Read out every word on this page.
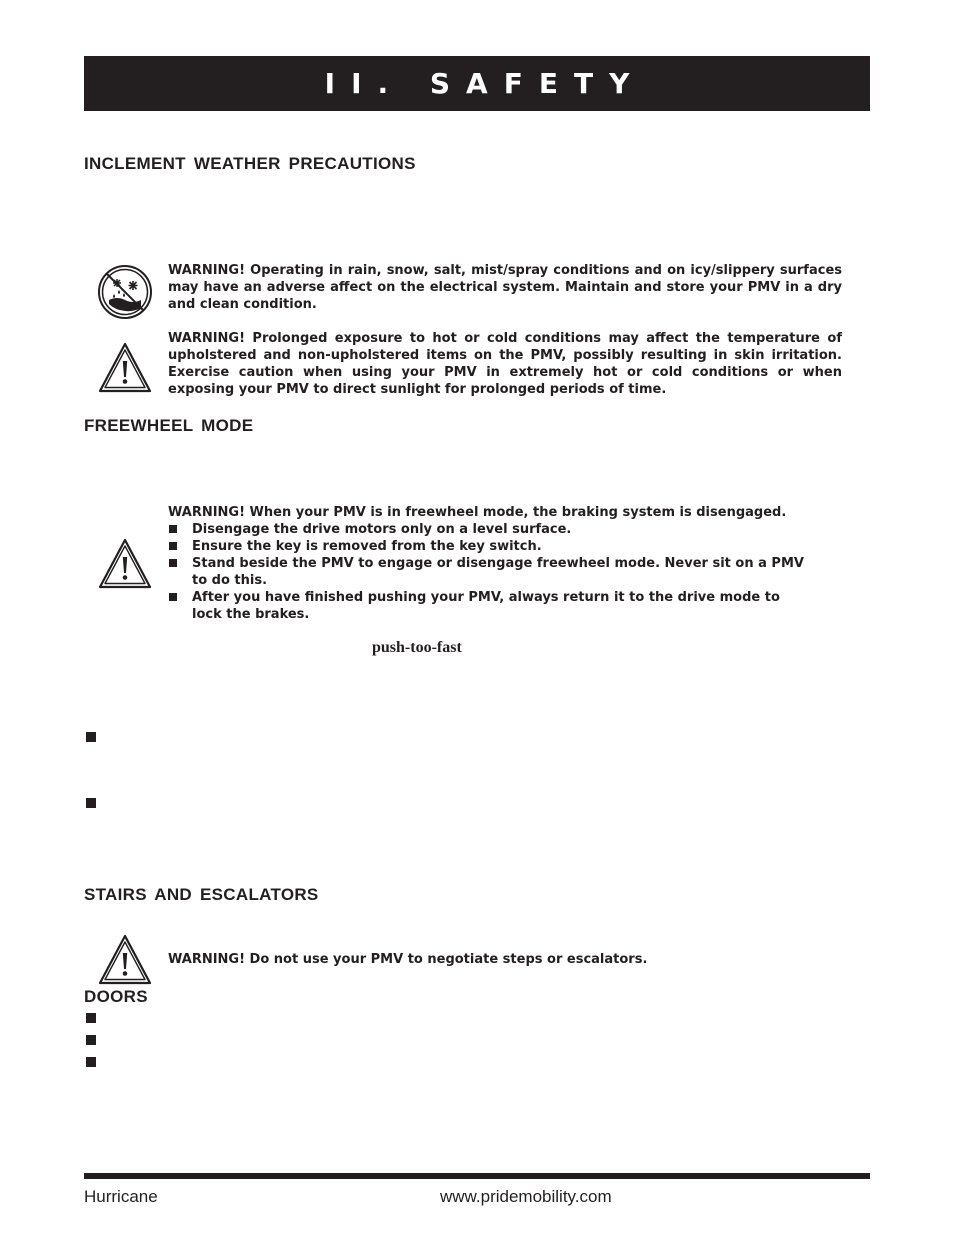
II. SAFETY
INCLEMENT WEATHER PRECAUTIONS

WARNING! Operating in rain, snow, salt, mist/spray conditions and on icy/slippery surfaces may have an adverse affect on the electrical system. Maintain and store your PMV in a dry and clean condition.

WARNING! Prolonged exposure to hot or cold conditions may affect the temperature of upholstered and non-upholstered items on the PMV, possibly resulting in skin irritation. Exercise caution when using your PMV in extremely hot or cold conditions or when exposing your PMV to direct sunlight for prolonged periods of time.

FREEWHEEL MODE

WARNING! When your PMV is in freewheel mode, the braking system is disengaged.

Disengage the drive motors only on a level surface.
Ensure the key is removed from the key switch.
Stand beside the PMV to engage or disengage freewheel mode. Never sit on a PMV to do this.
After you have finished pushing your PMV, always return it to the drive mode to lock the brakes.
push-too-fast
STAIRS AND ESCALATORS

WARNING! Do not use your PMV to negotiate steps or escalators.

DOORS
Hurricane	www.pridemobility.com
